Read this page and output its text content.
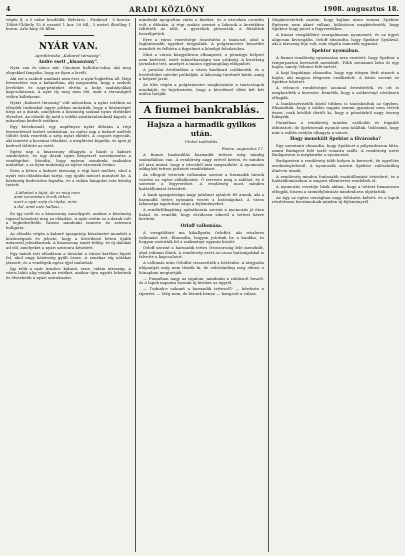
4	ARADI KÖZLÖNY	1908. augusztus 18.

végén 4, a 5 rakor kezdődik. Belváros : Pünkösd : 5 korosz. Tölött-Ülőhely 15–8 neszéd 1 kor. 20 fill., 3 metrő illetőleg 1 koron. Arlo-kuty 50 fillér.

NYÁR VAN.
Apróbírúsba „Kabaret társaság”.
Andre esett „kisasszony”.

Nyár van és nincs mit. Cincinne hallotta-volna, aki meg elegekkel fanyalin, hogy az ilyen a levélt.

Aki ezt a szokott unalmát nem érzi, a nyár-legkétlen áll. Régi bevezetése van a kabaréban, aki megszokta, hogy a szokott leveleket és napi-pénteket elvéta a helyi szabályokkal kapcsolatosan. A nyár ily meg nem élő, amit a társaságtól vétlen költekezni.

Nyári „Kabaret társaság” volt műsorban, a nyári estéken az előadók tudásukat egyre jobban mutatták, hogy a közönséget hívja az a darab, amelyben a közönség szabad nyári ebédeket élvezhet. Az előadó ily mód a vidéki színtársulatoknál kapott, a műsorban kedvelt estéken.

Egy birtokosnál, egy napfényes nyári délután a régi bevezetéssel tartott szokásban, az egész nap a kabaré mellett töltött órák vezették a szép nyári ebédet. A csoport egyesült, aki ismerte a kocsmai előadást, a meghívást fogadta, és igen jó kedvvel töltötte az estét.

Egész nap a kisasszony elhagyta a házát a kabaré szinhelyére, és egy darab nyári kenyérrel szórakoztatta a vendégeket. Mondta, hogy nyáron mindenki szabadon mulathat, s az ilyen mulatság az egész városnak öröme.

Ezen a héten a kabaré társaság a régi kert mellett, ahol a nyári esti előadásokat tartja, egy újabb műsort mutatott be. A közönség kedvezően fogadta, és a vidám hangulat este későig tartott.

„Láthatod a tájat, de ez még nem
amit szivemben őrzök titkon,
mert a nyár szép és röpke, mint
a dal, amit este hallasz...

Ez így szólt és a kisasszony mosolygott, amikor a közönség tapssal köszönte meg az előadást. A nyár estéin ez a darab volt a legkedveltebb, hiszen mindenki ismerte és szívesen hallgatta.

Az előadás végén a kabaré igazgatója köszönetet mondott a közönségnek és jelezte, hogy a következő héten újabb műsorral jelentkeznek. A kisasszony ismét fellép, és új dalokat ad elő, amelyeket a nyári szezonra készített.

Egy másik esti előadáson a társulat a városi kertben lépett fel, ahol nagy közönség gyűlt össze. A zenekar víg nótákat játszott, és a vendégek egész éjjel mulattak.

Így telik a nyár Aradon: kabaré, zene, vidám társaság. A város lakói alig várják az estéket, amikor újra együtt lehetnek és élvezhetik a nyári szórakozást.

mindenki nyugodtan várta a híreket, és a városban csendes volt a délután. A régi szokás szerint a lakosok a kertekben töltötték az időt, a gyerekek játszottak, a felnőttek beszélgettek.

Erre a város vezetősége összehívta a tanácsot, ahol a legfontosabb ügyeket tárgyalták. A polgármester beszédet mondott és felhívta a figyelmet a közelgő feladatokra.

Mint a városi közgyűlésen elhangzott, a pénzügyi helyzet nem kedvező, ezért takarékosságra van szükség. A bizottság javaslatot tett, amelyet a tanács egyhangúlag elfogadott.

A javaslat értelmében a város kiadásait csökkentik, és a bevételeket növelni próbálják. A lakosság türelmét kérik, amíg a helyzet javul.

Az ülés végén a polgármester megköszönte a tanácstagok munkáját, és bejelentette, hogy a következő ülést két hét múlva tartják.

A fiumei bankrablás.
Hajsza a harmadik gyilkos után.
Utolsó tudósítás.
Fiume, augusztus 17.

A fiumei bankrablás harmadik tettese még mindig szabadlábon van. A rendőrség nagy erővel keresi, és minden jel arra mutat, hogy a városból már megszökött. A nyomozás eddig két tettest juttatott rendőrkézre.

Az elfogott tettesek vallomása szerint a harmadik társuk vezette az egész vállalkozást. Ő tervezte meg a rablást, és ő szerezte a fegyvereket. A rendőrség most minden határállomást értesített.

A bank igazgatósága nagy jutalmat ajánlott fel annak, aki a harmadik tettes nyomára vezeti a hatóságokat. A város lakossága izgatottan várja a fejleményeket.

A rendőrfőkapitány nyilatkozata szerint a nyomozás jó úton halad, és remélik, hogy rövidesen sikerül a tettest kézre keríteni.

Orloff vallomása.

A vizsgálóbíró ma kihallgatta Orloffot, aki részletes vallomást tett. Elmondta, hogyan jutottak be a bankba, és hogyan osztották fel a zsákmányt egymás között.

Orloff szerint a harmadik tettes Oroszország felé menekült, ahol rokonai élnek. A rendőrség ezért az orosz hatóságokkal is felvette a kapcsolatot.

A vallomás után Orloffot visszavitték a börtönbe. A tárgyalás időpontját még nem tűzték ki, de valószínűleg még ebben a hónapban megtartják.

— Fiuméban nagy az izgalom, mindenki a rablásról beszél, és a lapok naponta hoznak új híreket az ügyről.

— Tudnak-e valamit a harmadik tettesről? — kérdezte a riporter. — Még nem, de bízunk benne — hangzott a válasz.

Megkerestették azután, hogy hajlam nincs semmi. Spektor Egészen nem akart vallani, különösen megkérdezték, hogy Spektor hogy jutott a fegyverekhez.

A fiumei vizsgálóbíró szorgalmasan nyomozott, és az ügyet alaposan kivizsgálta. Orloff elmondta, hogy Spektor Gyulával, aki a társaság feje volt, már régóta ismerték egymást.

Spektor nyomában.

A fiumei rendőrség nyomozása arra vezetett, hogy Spektor a tengerparton keresztül menekült. Több szemtanú látta őt egy hajón, amely Velence felé tartott.

A hajó kapitánya elmondta, hogy egy idegen férfi utazott a hajón, aki nagyon idegesen viselkedett. A leírás szerint ez Spektor lehetett.

A velencei rendőrséget azonnal értesítették, és ott is megkezdték a keresést. Remélik, hogy a szökevényt rövidesen elfogják.

A banktisztviselők közül többen is tanúskodtak az ügyben. Elmondták, hogy a rablás napján semmi gyanúsat nem vettek észre, csak később derült ki, hogy a pénztárból nagy összeg hiányzik.

Fiuméban a rendőrség minden szállodát és fogadót átkutatott, de Spektornak nyomát sem találták. Valószínű, hogy már a rablás estéjén elhagyta a várost.

Hogy menekült Spektor a fővárosba?

Egy szemtanú elmondta, hogy Spektort a pályaudvaron látta, amint Budapest felé tartó vonatra szállt. A rendőrség ezért Budapesten is megkezdte a nyomozást.

Budapesten a rendőrség több helyen is keresett, de egyelőre eredménytelenül. A nyomozók szerint Spektor valószínűleg álnéven utazik.

A rendőrség minden fontosabb vasútállomást értesített, és a határállomásokon is szigorú ellenőrzést rendeltek el.

A nyomozás vezetője bízik abban, hogy a tettest hamarosan elfogják, hiszen a személyleírását mindenhova eljuttatták.

Az ügy az egész országban nagy feltűnést keltett, és a lapok részletesen beszámolnak minden új fejleményről.
